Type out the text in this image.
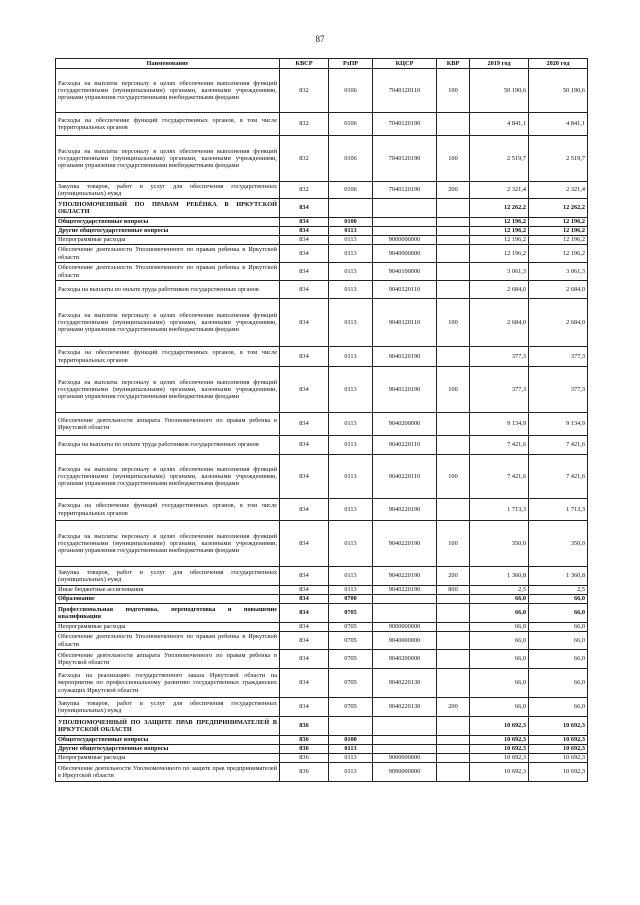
87
Наименование	КВСР	РзПР	КЦСР	КВР	2019 год	2020 год
Расходы на выплаты персоналу в целях обеспечения выполнения функций государственными (муниципальными) органами, казенными учреждениями, органами управления государственными внебюджетными фондами	832	0106	7040120110	100	50 190,6	50 190,6
Расходы на обеспечение функций государственных органов, в том числе территориальных органов	832	0106	7040120190		4 841,1	4 841,1
Расходы на выплаты персоналу в целях обеспечения выполнения функций государственными (муниципальными) органами, казенными учреждениями, органами управления государственными внебюджетными фондами	832	0106	7040120190	100	2 519,7	2 519,7
Закупка товаров, работ и услуг для обеспечения государственных (муниципальных) нужд	832	0106	7040120190	200	2 321,4	2 321,4
УПОЛНОМОЧЕННЫЙ ПО ПРАВАМ РЕБЁНКА В ИРКУТСКОЙ ОБЛАСТИ	834				12 262,2	12 262,2
Общегосударственные вопросы	834	0100			12 196,2	12 196,2
Другие общегосударственные вопросы	834	0113			12 196,2	12 196,2
Непрограммные расходы	834	0113	9000000000		12 196,2	12 196,2
Обеспечение деятельности Уполномоченного по правам ребенка в Иркутской области	834	0113	9040000000		12 196,2	12 196,2
Обеспечение деятельности Уполномоченного по правам ребенка в Иркутской области	834	0113	9040100000		3 061,3	3 061,3
Расходы на выплаты по оплате труда работников государственных органов	834	0113	9040120110		2 684,0	2 684,0
Расходы на выплаты персоналу в целях обеспечения выполнения функций государственными (муниципальными) органами, казенными учреждениями, органами управления государственными внебюджетными фондами	834	0113	9040120110	100	2 684,0	2 684,0
Расходы на обеспечение функций государственных органов, в том числе территориальных органов	834	0113	9040120190		377,3	377,3
Расходы на выплаты персоналу в целях обеспечения выполнения функций государственными (муниципальными) органами, казенными учреждениями, органами управления государственными внебюджетными фондами	834	0113	9040120190	100	377,3	377,3
Обеспечение деятельности аппарата Уполномоченного по правам ребенка в Иркутской области	834	0113	9040200000		9 134,9	9 134,9
Расходы на выплаты по оплате труда работников государственных органов	834	0113	9040220110		7 421,6	7 421,6
Расходы на выплаты персоналу в целях обеспечения выполнения функций государственными (муниципальными) органами, казенными учреждениями, органами управления государственными внебюджетными фондами	834	0113	9040220110	100	7 421,6	7 421,6
Расходы на обеспечение функций государственных органов, в том числе территориальных органов	834	0113	9040220190		1 713,3	1 713,3
Расходы на выплаты персоналу в целях обеспечения выполнения функций государственными (муниципальными) органами, казенными учреждениями, органами управления государственными внебюджетными фондами	834	0113	9040220190	100	350,0	350,0
Закупка товаров, работ и услуг для обеспечения государственных (муниципальных) нужд	834	0113	9040220190	200	1 360,8	1 360,8
Иные бюджетные ассигнования	834	0113	9040220190	800	2,5	2,5
Образование	834	0700			66,0	66,0
Профессиональная подготовка, переподготовка и повышение квалификации	834	0705			66,0	66,0
Непрограммные расходы	834	0705	9000000000		66,0	66,0
Обеспечение деятельности Уполномоченного по правам ребенка в Иркутской области	834	0705	9040000000		66,0	66,0
Обеспечение деятельности аппарата Уполномоченного по правам ребенка в Иркутской области	834	0705	9040200000		66,0	66,0
Расходы на реализацию государственного заказа Иркутской области на мероприятия по профессиональному развитию государственных гражданских служащих Иркутской области	834	0705	9040220130		66,0	66,0
Закупка товаров, работ и услуг для обеспечения государственных (муниципальных) нужд	834	0705	9040220130	200	66,0	66,0
УПОЛНОМОЧЕННЫЙ ПО ЗАЩИТЕ ПРАВ ПРЕДПРИНИМАТЕЛЕЙ В ИРКУТСКОЙ ОБЛАСТИ	836				10 692,3	10 692,3
Общегосударственные вопросы	836	0100			10 692,3	10 692,3
Другие общегосударственные вопросы	836	0113			10 692,3	10 692,3
Непрограммные расходы	836	0113	9000000000		10 692,3	10 692,3
Обеспечение деятельности Уполномоченного по защите прав предпринимателей в Иркутской области	836	0113	9090000000		10 692,3	10 692,3
